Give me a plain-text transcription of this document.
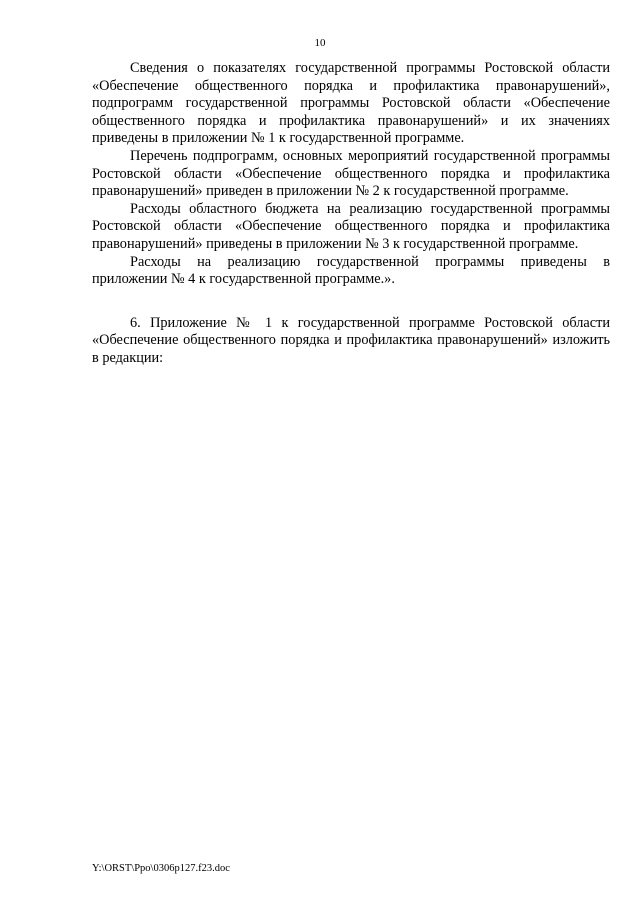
10

Сведения о показателях государственной программы Ростовской области «Обеспечение общественного порядка и профилактика правонарушений», подпрограмм государственной программы Ростовской области «Обеспечение общественного порядка и профилактика правонарушений» и их значениях приведены в приложении № 1 к государственной программе.

Перечень подпрограмм, основных мероприятий государственной программы Ростовской области «Обеспечение общественного порядка и профилактика правонарушений» приведен в приложении № 2 к государственной программе.

Расходы областного бюджета на реализацию государственной программы Ростовской области «Обеспечение общественного порядка и профилактика правонарушений» приведены в приложении № 3 к государственной программе.

Расходы на реализацию государственной программы приведены в приложении № 4 к государственной программе.».

6. Приложение № 1 к государственной программе Ростовской области «Обеспечение общественного порядка и профилактика правонарушений» изложить в редакции:

Y:\ORST\Ppo\0306p127.f23.doc
